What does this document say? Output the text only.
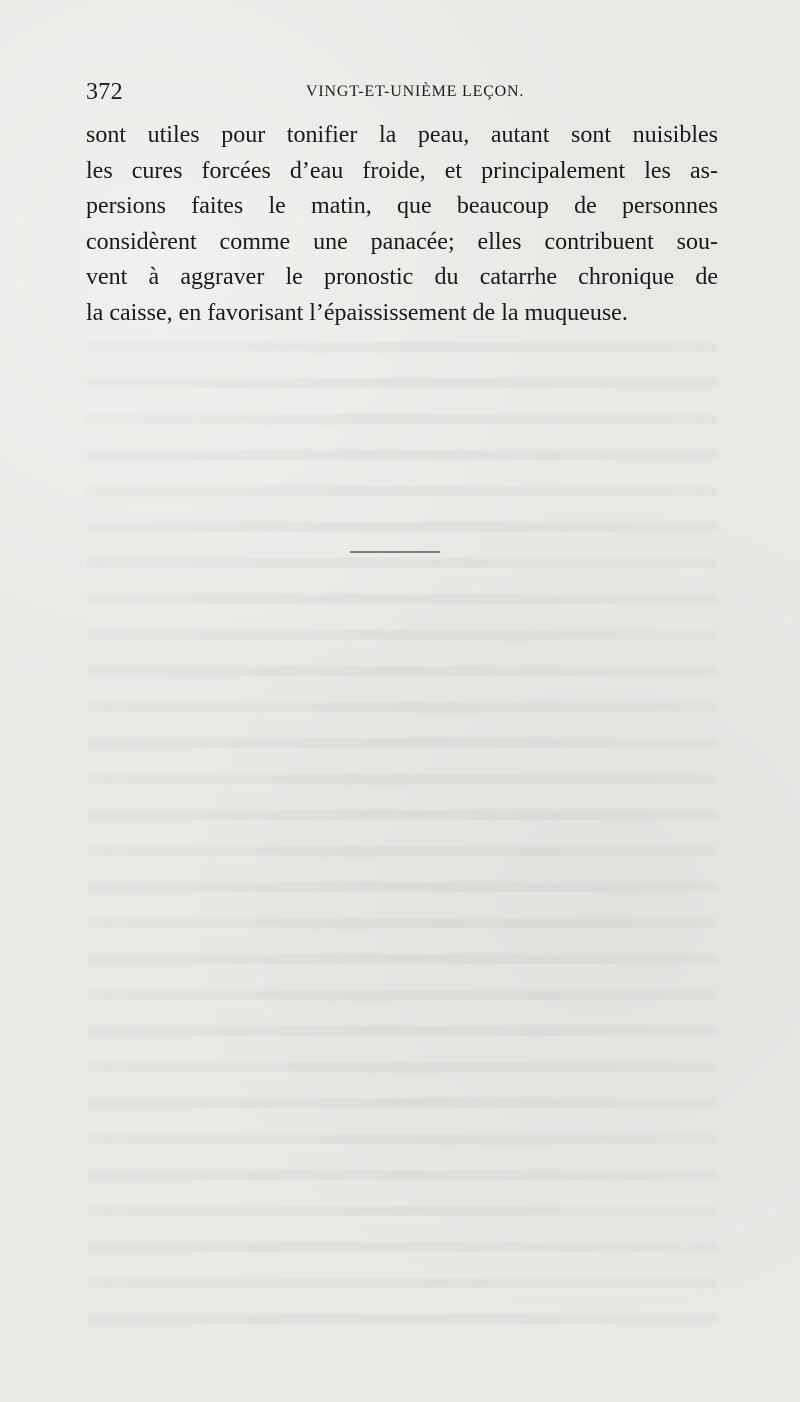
372	VINGT-ET-UNIÈME LEÇON.
sont utiles pour tonifier la peau, autant sont nuisibles
les cures forcées d’eau froide, et principalement les as-
persions faites le matin, que beaucoup de personnes
considèrent comme une panacée; elles contribuent sou-
vent à aggraver le pronostic du catarrhe chronique de
la caisse, en favorisant l’épaississement de la muqueuse.
